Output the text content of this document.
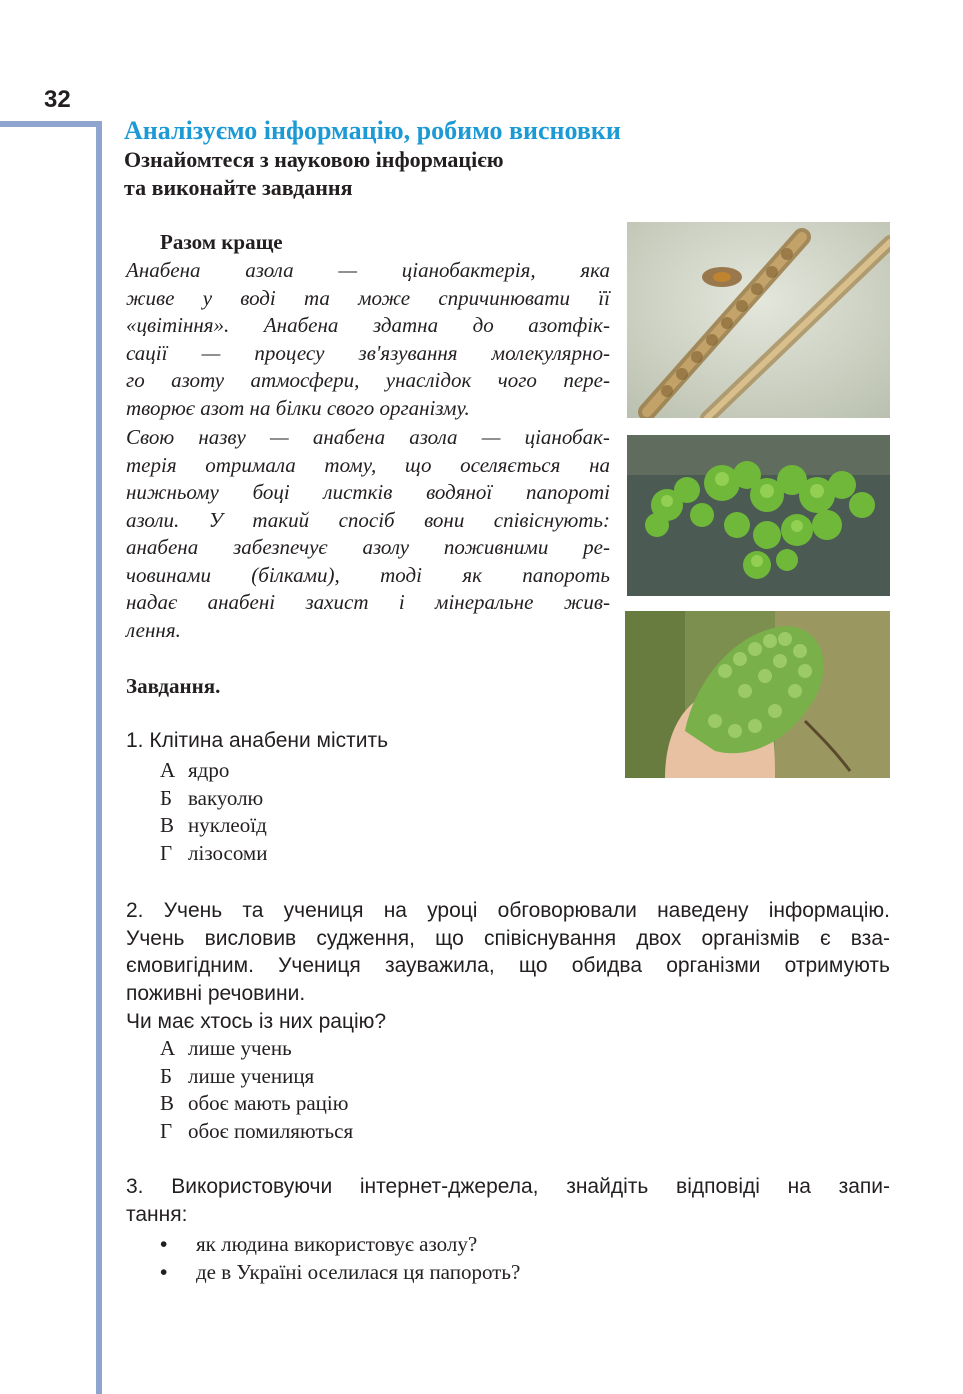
32
Аналізуємо інформацію, робимо висновки
Ознайомтеся з науковою інформацією
та виконайте завдання
Разом краще
Анабена азола — ціанобактерія, яка
живе у воді та може спричинювати її
«цвітіння». Анабена здатна до азотфік-
сації — процесу зв'язування молекулярно-
го азоту атмосфери, унаслідок чого пере-
творює азот на білки свого організму.
Свою назву — анабена азола — ціанобак-
терія отримала тому, що оселяється на
нижньому боці листків водяної папороті
азоли. У такий спосіб вони співіснують:
анабена забезпечує азолу поживними ре-
човинами (білками), тоді як папороть
надає анабені захист і мінеральне жив-
лення.
Завдання.
1. Клітина анабени містить
А ядро
Б вакуолю
В нуклеоїд
Г лізосоми
2. Учень та учениця на уроці обговорювали наведену інформацію.
Учень висловив судження, що співіснування двох організмів є вза-
ємовигідним. Учениця зауважила, що обидва організми отримують
поживні речовини.
Чи має хтось із них рацію?
А лише учень
Б лише учениця
В обоє мають рацію
Г обоє помиляються
3. Використовуючи інтернет-джерела, знайдіть відповіді на запи-
тання:
• як людина використовує азолу?
• де в Україні оселилася ця папороть?
